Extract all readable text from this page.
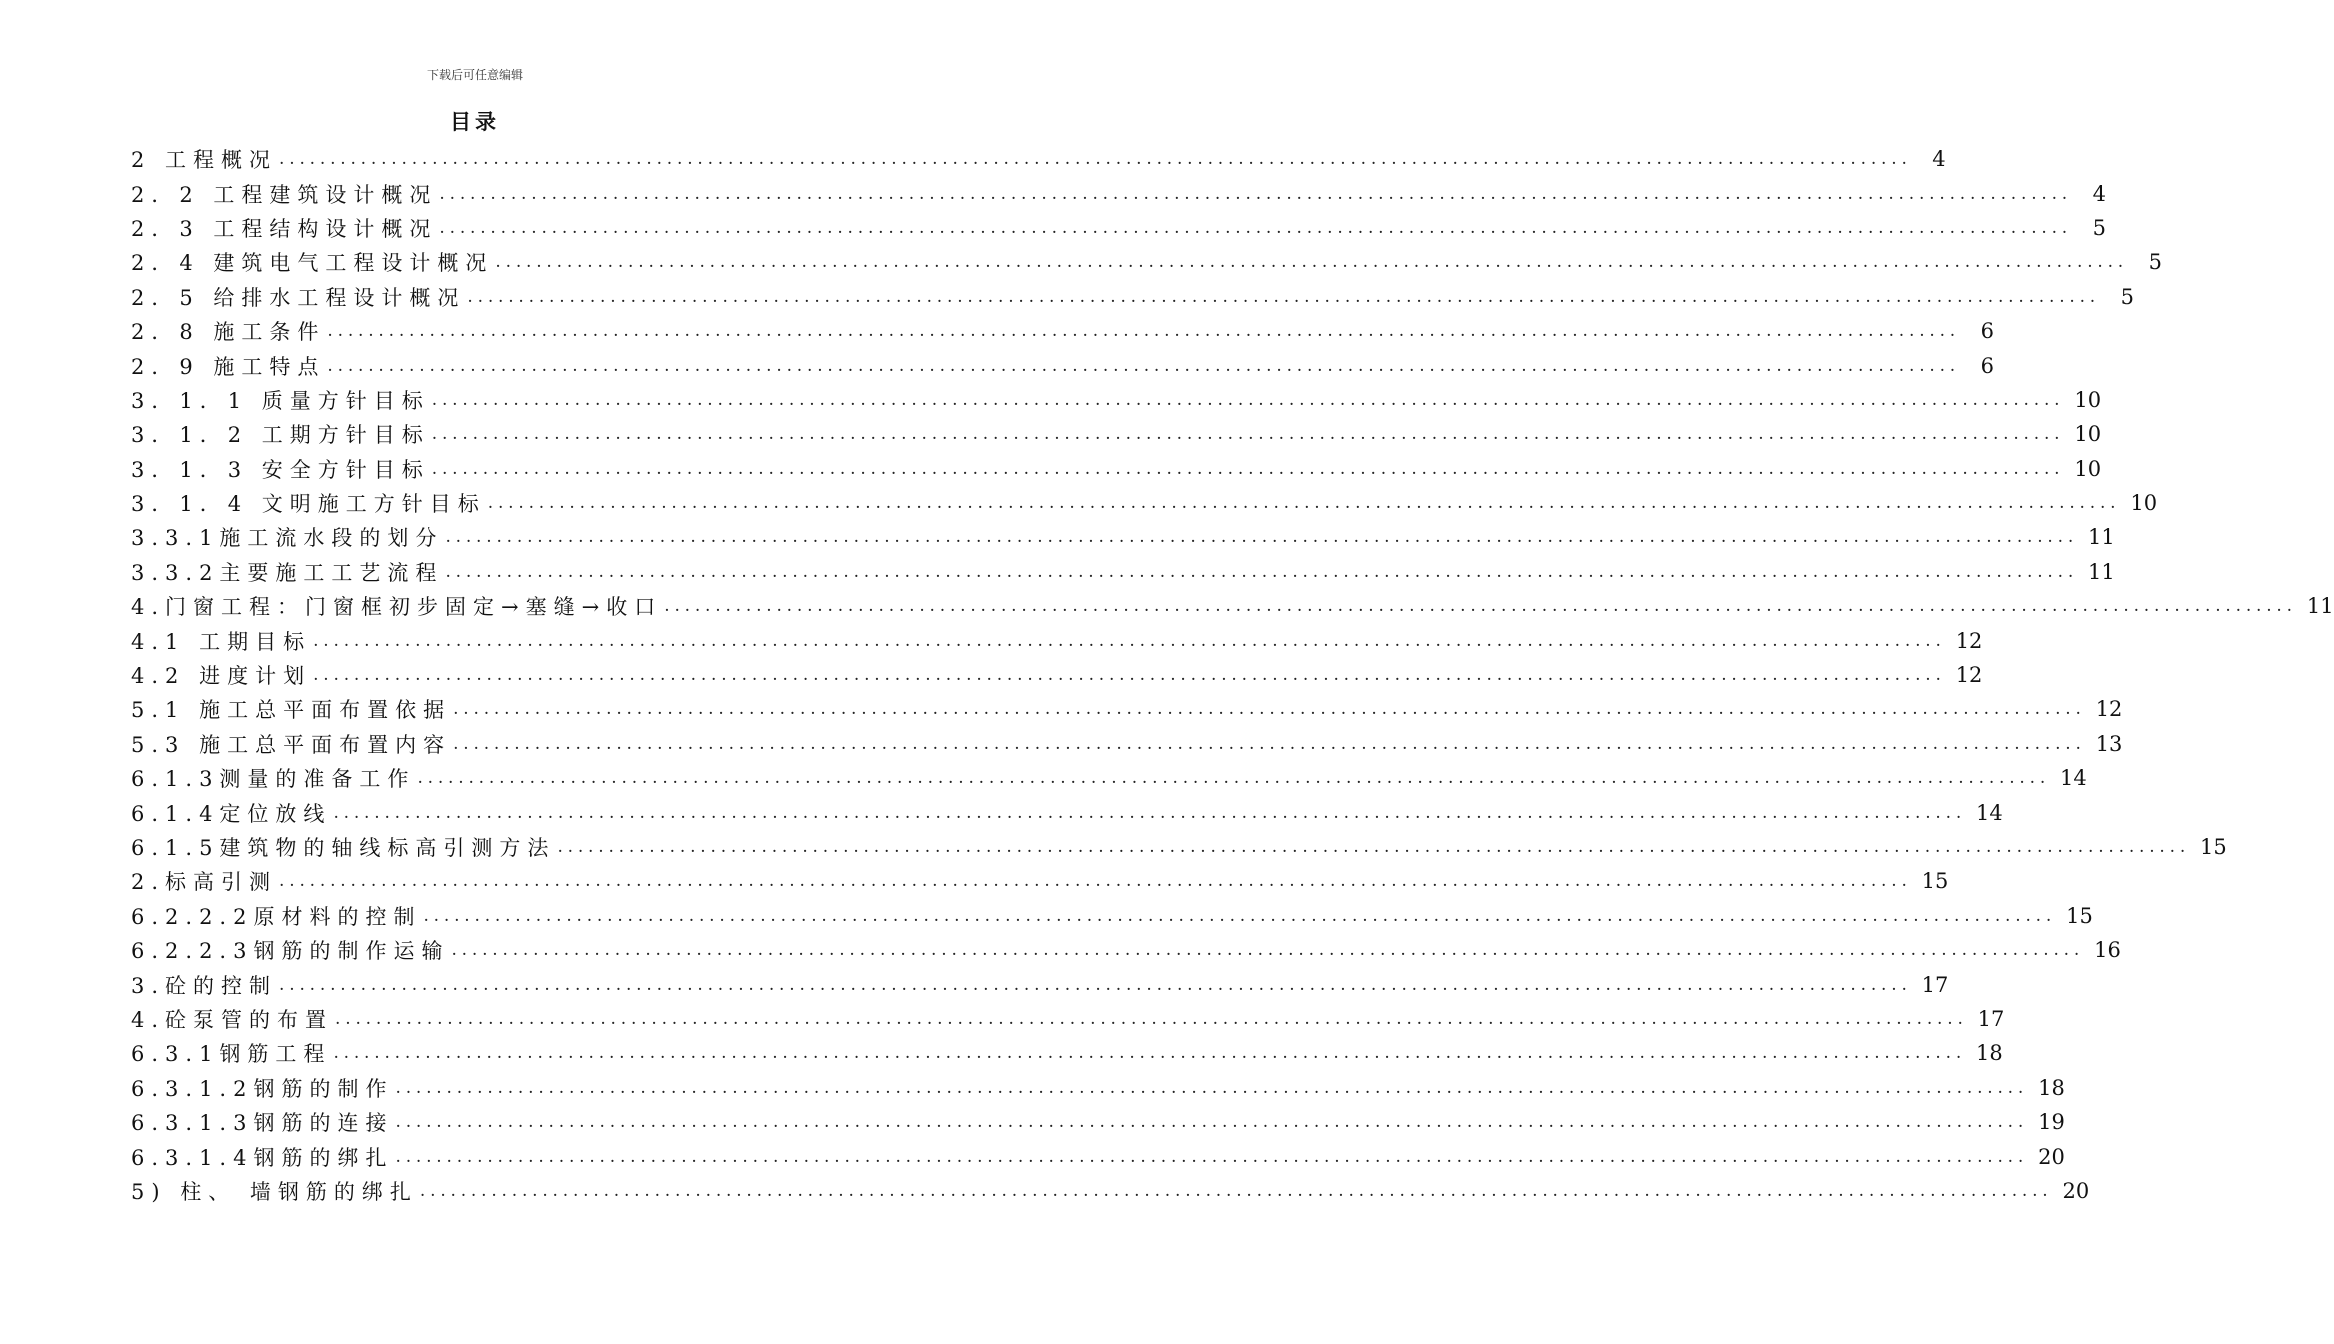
下载后可任意编辑
目录
2 工程概况 ................................................................................................................................................................ 4
2．2 工程建筑设计概况 ................................................................................................................................................................ 4
2．3 工程结构设计概况 ................................................................................................................................................................ 5
2．4 建筑电气工程设计概况 ................................................................................................................................................................ 5
2．5 给排水工程设计概况 ................................................................................................................................................................ 5
2．8 施工条件 ................................................................................................................................................................ 6
2．9 施工特点 ................................................................................................................................................................ 6
3．1．1 质量方针目标 ................................................................................................................................................................ 10
3．1．2 工期方针目标 ................................................................................................................................................................ 10
3．1．3 安全方针目标 ................................................................................................................................................................ 10
3．1．4 文明施工方针目标 ................................................................................................................................................................ 10
3.3.1施工流水段的划分 ................................................................................................................................................................ 11
3.3.2主要施工工艺流程 ................................................................................................................................................................ 11
4.门窗工程：门窗框初步固定→塞缝→收口 ................................................................................................................................................................ 11
4.1 工期目标 ................................................................................................................................................................ 12
4.2 进度计划 ................................................................................................................................................................ 12
5.1 施工总平面布置依据 ................................................................................................................................................................ 12
5.3 施工总平面布置内容 ................................................................................................................................................................ 13
6.1.3测量的准备工作 ................................................................................................................................................................ 14
6.1.4定位放线 ................................................................................................................................................................ 14
6.1.5建筑物的轴线标高引测方法 ................................................................................................................................................................ 15
2.标高引测 ................................................................................................................................................................ 15
6.2.2.2原材料的控制 ................................................................................................................................................................ 15
6.2.2.3钢筋的制作运输 ................................................................................................................................................................ 16
3.砼的控制 ................................................................................................................................................................ 17
4.砼泵管的布置 ................................................................................................................................................................ 17
6.3.1钢筋工程 ................................................................................................................................................................ 18
6.3.1.2钢筋的制作 ................................................................................................................................................................ 18
6.3.1.3钢筋的连接 ................................................................................................................................................................ 19
6.3.1.4钢筋的绑扎 ................................................................................................................................................................ 20
5) 柱、 墙钢筋的绑扎 ................................................................................................................................................................ 20
